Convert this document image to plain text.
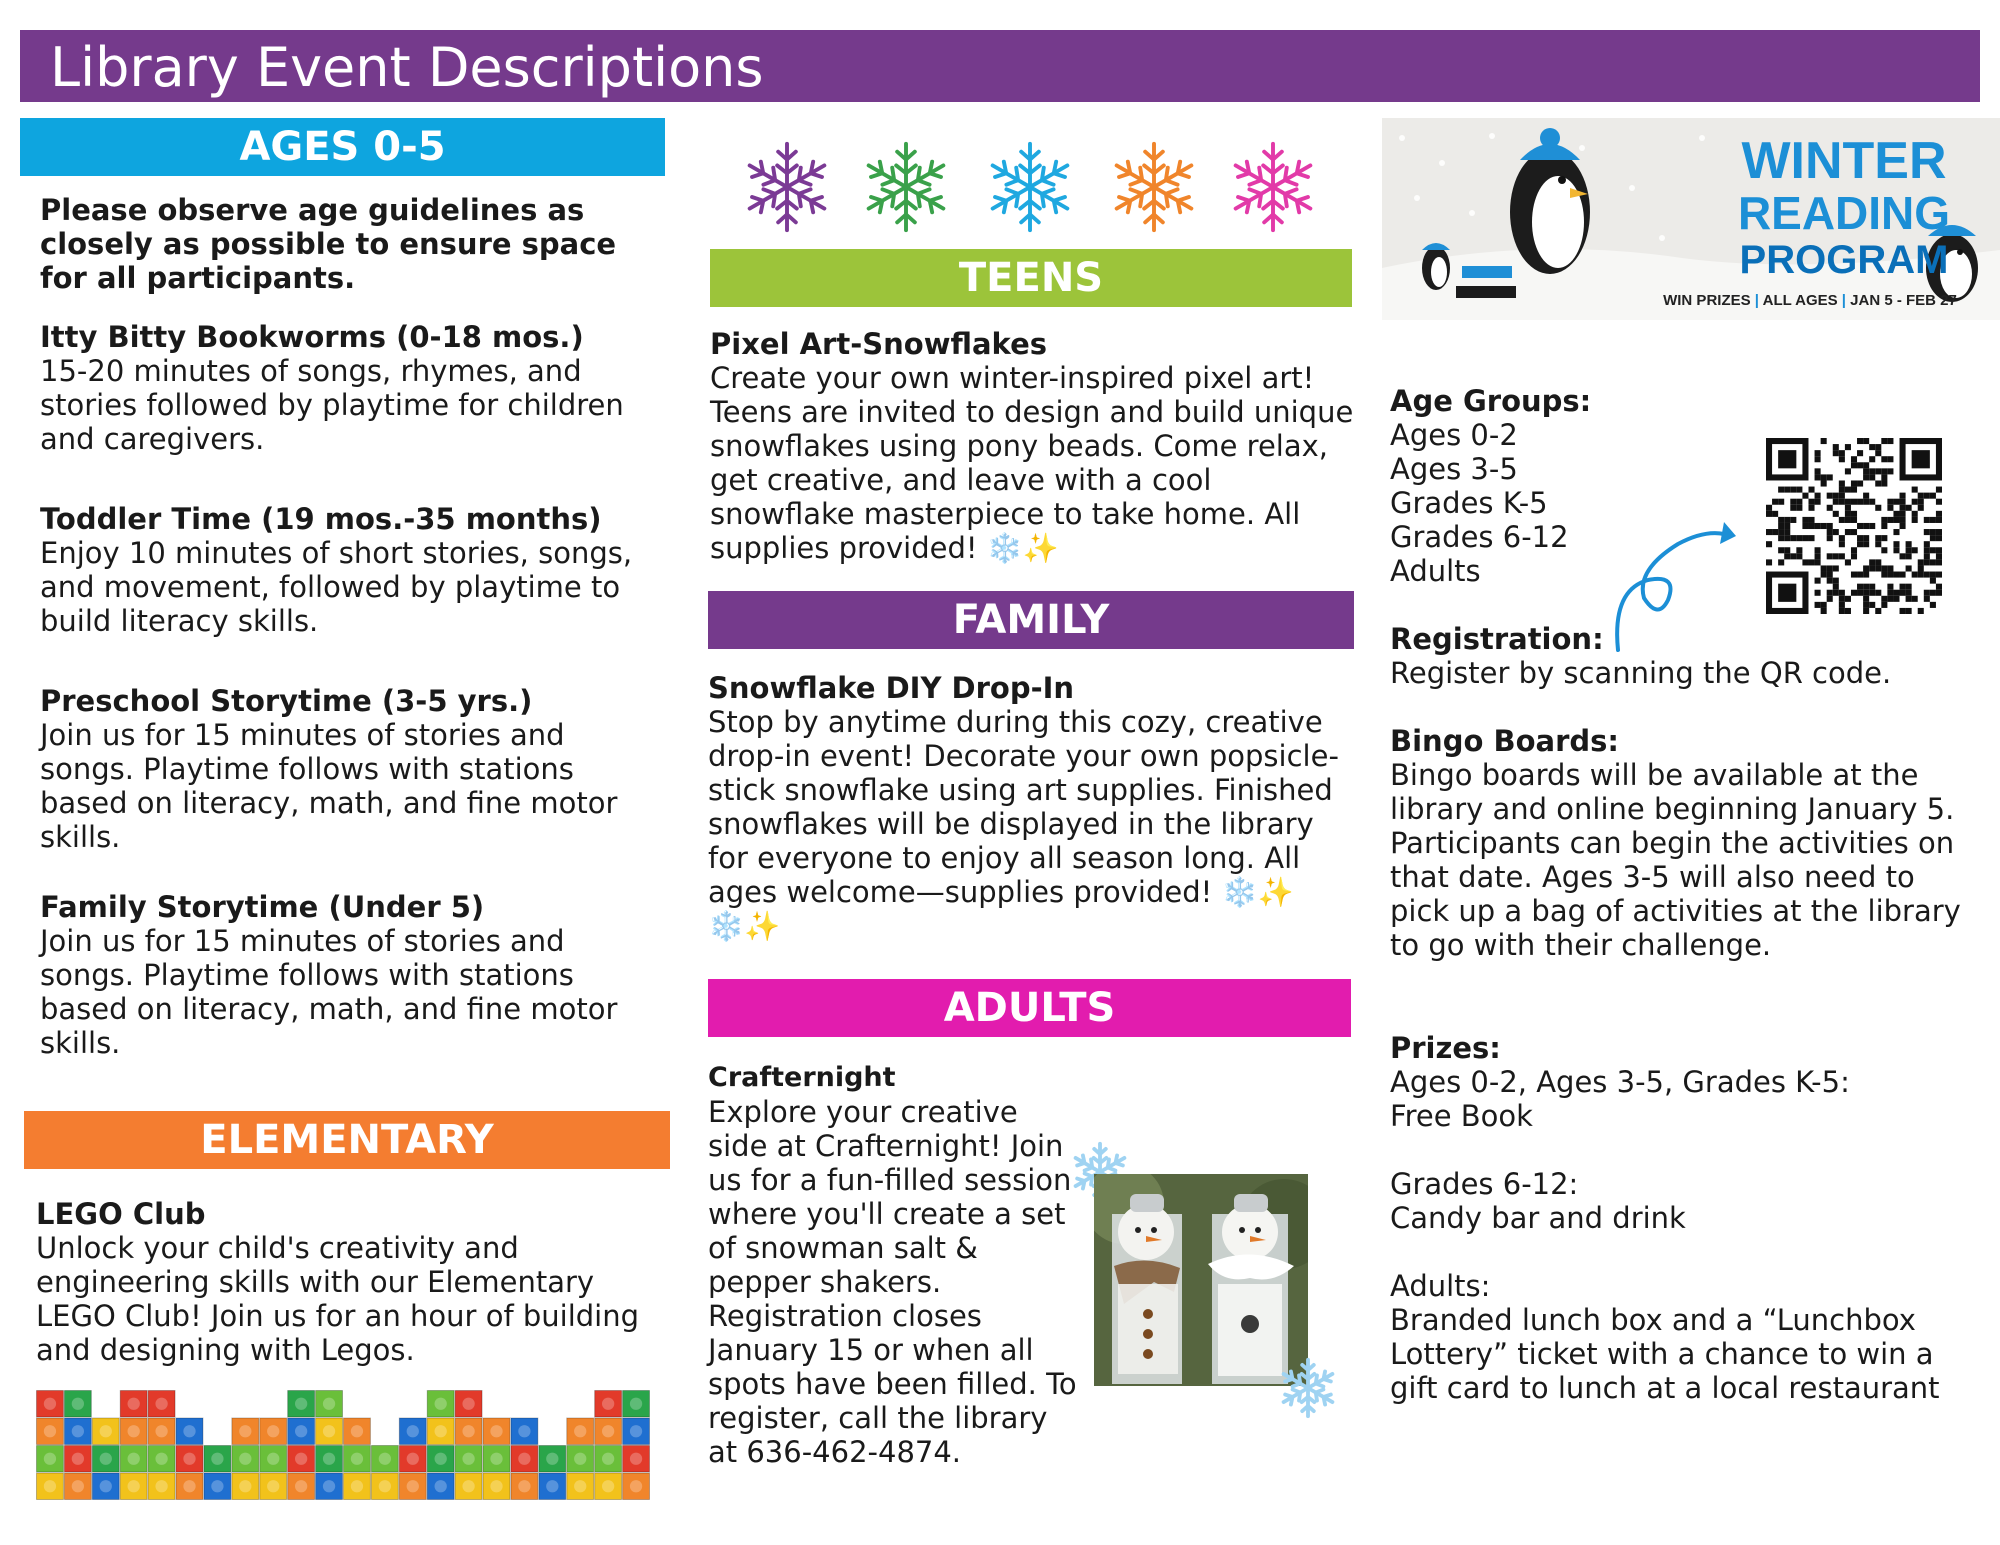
Library Event Descriptions
AGES 0-5
Please observe age guidelines as closely as possible to ensure space for all participants.
Itty Bitty Bookworms (0-18 mos.)
15-20 minutes of songs, rhymes, and stories followed by playtime for children and caregivers.
Toddler Time (19 mos.-35 months)
Enjoy 10 minutes of short stories, songs, and movement, followed by playtime to build literacy skills.
Preschool Storytime (3-5 yrs.)
Join us for 15 minutes of stories and songs. Playtime follows with stations based on literacy, math, and fine motor skills.
Family Storytime (Under 5)
Join us for 15 minutes of stories and songs. Playtime follows with stations based on literacy, math, and fine motor skills.
ELEMENTARY
LEGO Club
Unlock your child's creativity and engineering skills with our Elementary LEGO Club! Join us for an hour of building and designing with Legos.
TEENS
Pixel Art-Snowflakes
Create your own winter-inspired pixel art! Teens are invited to design and build unique snowflakes using pony beads. Come relax, get creative, and leave with a cool snowflake masterpiece to take home. All supplies provided! ❄️✨
FAMILY
Snowflake DIY Drop-In
Stop by anytime during this cozy, creative drop-in event! Decorate your own popsicle-stick snowflake using art supplies. Finished snowflakes will be displayed in the library for everyone to enjoy all season long. All ages welcome—supplies provided! ❄️✨ ❄️✨
ADULTS
Crafternight
Explore your creative side at Crafternight! Join us for a fun-filled session where you'll create a set of snowman salt & pepper shakers. Registration closes January 15 or when all spots have been filled. To register, call the library at 636-462-4874.
WINTER
READING
PROGRAM
WIN PRIZES | ALL AGES | JAN 5 - FEB 27
Age Groups:
Ages 0-2
Ages 3-5
Grades K-5
Grades 6-12
Adults
Registration:
Register by scanning the QR code.
Bingo Boards:
Bingo boards will be available at the library and online beginning January 5. Participants can begin the activities on that date. Ages 3-5 will also need to pick up a bag of activities at the library to go with their challenge.
Prizes:
Ages 0-2, Ages 3-5, Grades K-5:
Free Book
Grades 6-12:
Candy bar and drink
Adults:
Branded lunch box and a “Lunchbox Lottery” ticket with a chance to win a gift card to lunch at a local restaurant
